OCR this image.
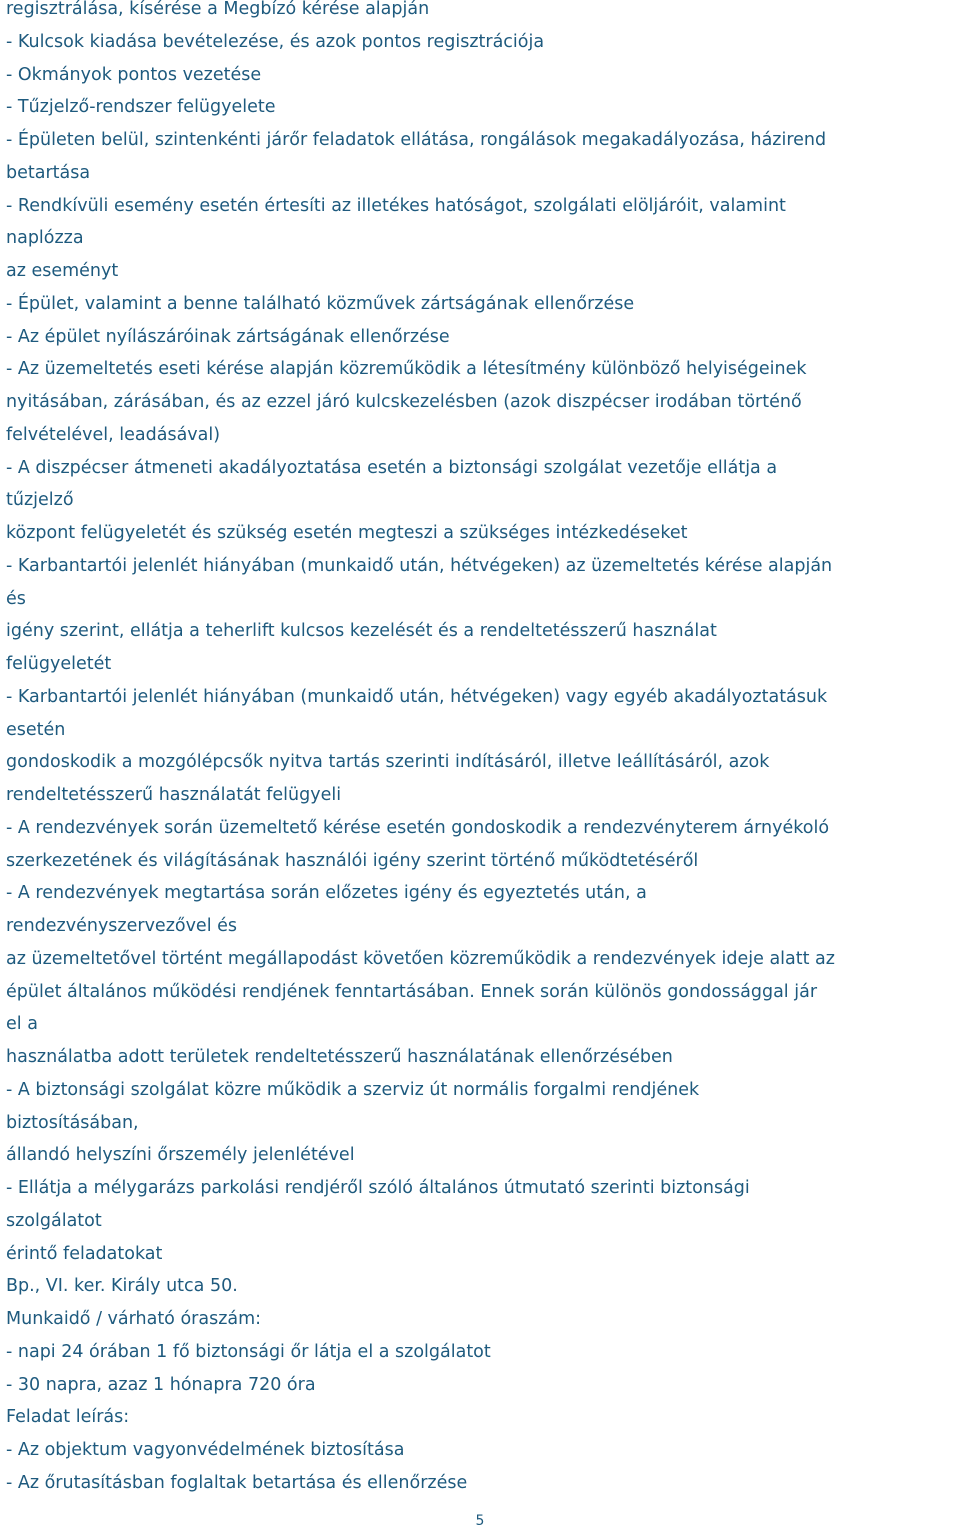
regisztrálása, kísérése a Megbízó kérése alapján
- Kulcsok kiadása bevételezése, és azok pontos regisztrációja
- Okmányok pontos vezetése
- Tűzjelző-rendszer felügyelete
- Épületen belül, szintenkénti járőr feladatok ellátása, rongálások megakadályozása, házirend
betartása
- Rendkívüli esemény esetén értesíti az illetékes hatóságot, szolgálati elöljáróit, valamint
naplózza
az eseményt
- Épület, valamint a benne található közművek zártságának ellenőrzése
- Az épület nyílászáróinak zártságának ellenőrzése
- Az üzemeltetés eseti kérése alapján közreműködik a létesítmény különböző helyiségeinek
nyitásában, zárásában, és az ezzel járó kulcskezelésben (azok diszpécser irodában történő
felvételével, leadásával)
- A diszpécser átmeneti akadályoztatása esetén a biztonsági szolgálat vezetője ellátja a
tűzjelző
központ felügyeletét és szükség esetén megteszi a szükséges intézkedéseket
- Karbantartói jelenlét hiányában (munkaidő után, hétvégeken) az üzemeltetés kérése alapján
és
igény szerint, ellátja a teherlift kulcsos kezelését és a rendeltetésszerű használat
felügyeletét
- Karbantartói jelenlét hiányában (munkaidő után, hétvégeken) vagy egyéb akadályoztatásuk
esetén
gondoskodik a mozgólépcsők nyitva tartás szerinti indításáról, illetve leállításáról, azok
rendeltetésszerű használatát felügyeli
- A rendezvények során üzemeltető kérése esetén gondoskodik a rendezvényterem árnyékoló
szerkezetének és világításának használói igény szerint történő működtetéséről
- A rendezvények megtartása során előzetes igény és egyeztetés után, a
rendezvényszervezővel és
az üzemeltetővel történt megállapodást követően közreműködik a rendezvények ideje alatt az
épület általános működési rendjének fenntartásában. Ennek során különös gondossággal jár
el a
használatba adott területek rendeltetésszerű használatának ellenőrzésében
- A biztonsági szolgálat közre működik a szerviz út normális forgalmi rendjének
biztosításában,
állandó helyszíni őrszemély jelenlétével
- Ellátja a mélygarázs parkolási rendjéről szóló általános útmutató szerinti biztonsági
szolgálatot
érintő feladatokat
Bp., VI. ker. Király utca 50.
Munkaidő / várható óraszám:
- napi 24 órában 1 fő biztonsági őr látja el a szolgálatot
- 30 napra, azaz 1 hónapra 720 óra
Feladat leírás:
- Az objektum vagyonvédelmének biztosítása
- Az őrutasításban foglaltak betartása és ellenőrzése
5
